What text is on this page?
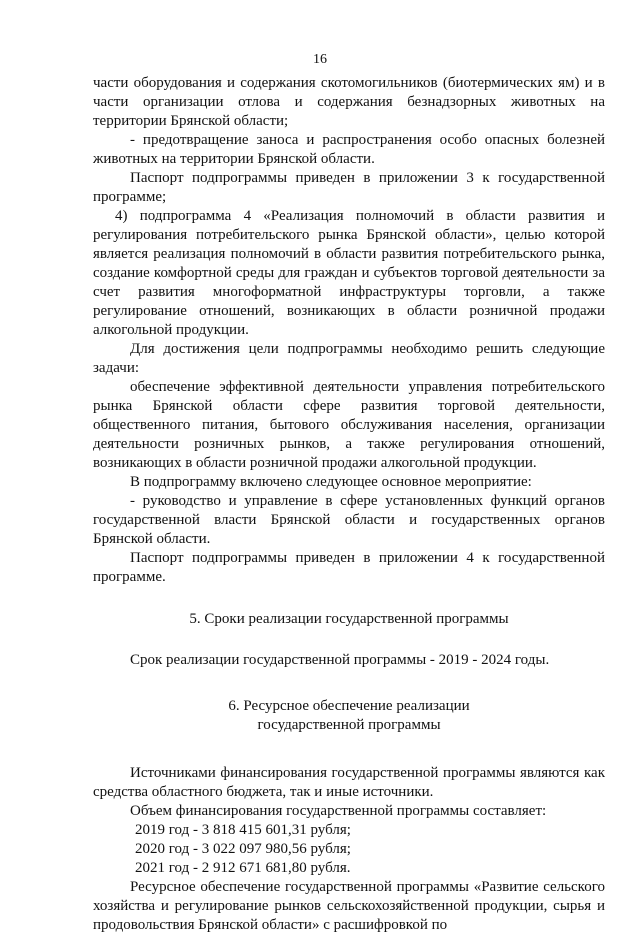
16

части оборудования и содержания скотомогильников (биотермических ям) и в части организации отлова и содержания безнадзорных животных на территории Брянской области;

- предотвращение заноса и распространения особо опасных болезней животных на территории Брянской области.

Паспорт подпрограммы приведен в приложении 3 к государственной программе;

4) подпрограмма 4 «Реализация полномочий в области развития и регулирования потребительского рынка Брянской области», целью которой является реализация полномочий в области развития потребительского рынка, создание комфортной среды для граждан и субъектов торговой деятельности за счет развития многоформатной инфраструктуры торговли, а также регулирование отношений, возникающих в области розничной продажи алкогольной продукции.

Для достижения цели подпрограммы необходимо решить следующие задачи:

обеспечение эффективной деятельности управления потребительского рынка Брянской области сфере развития торговой деятельности, общественного питания, бытового обслуживания населения, организации деятельности розничных рынков, а также регулирования отношений, возникающих в области розничной продажи алкогольной продукции.

В подпрограмму включено следующее основное мероприятие:

- руководство и управление в сфере установленных функций органов государственной власти Брянской области и государственных органов Брянской области.

Паспорт подпрограммы приведен в приложении 4 к государственной программе.

5. Сроки реализации государственной программы

Срок реализации государственной программы - 2019 - 2024 годы.

6. Ресурсное обеспечение реализации

государственной программы

Источниками финансирования государственной программы являются как средства областного бюджета, так и иные источники.

Объем финансирования государственной программы составляет:

2019 год - 3 818 415 601,31 рубля;

2020 год - 3 022 097 980,56 рубля;

2021 год - 2 912 671 681,80 рубля.

Ресурсное обеспечение государственной программы «Развитие сельского хозяйства и регулирование рынков сельскохозяйственной продукции, сырья и продовольствия Брянской области» с расшифровкой по
